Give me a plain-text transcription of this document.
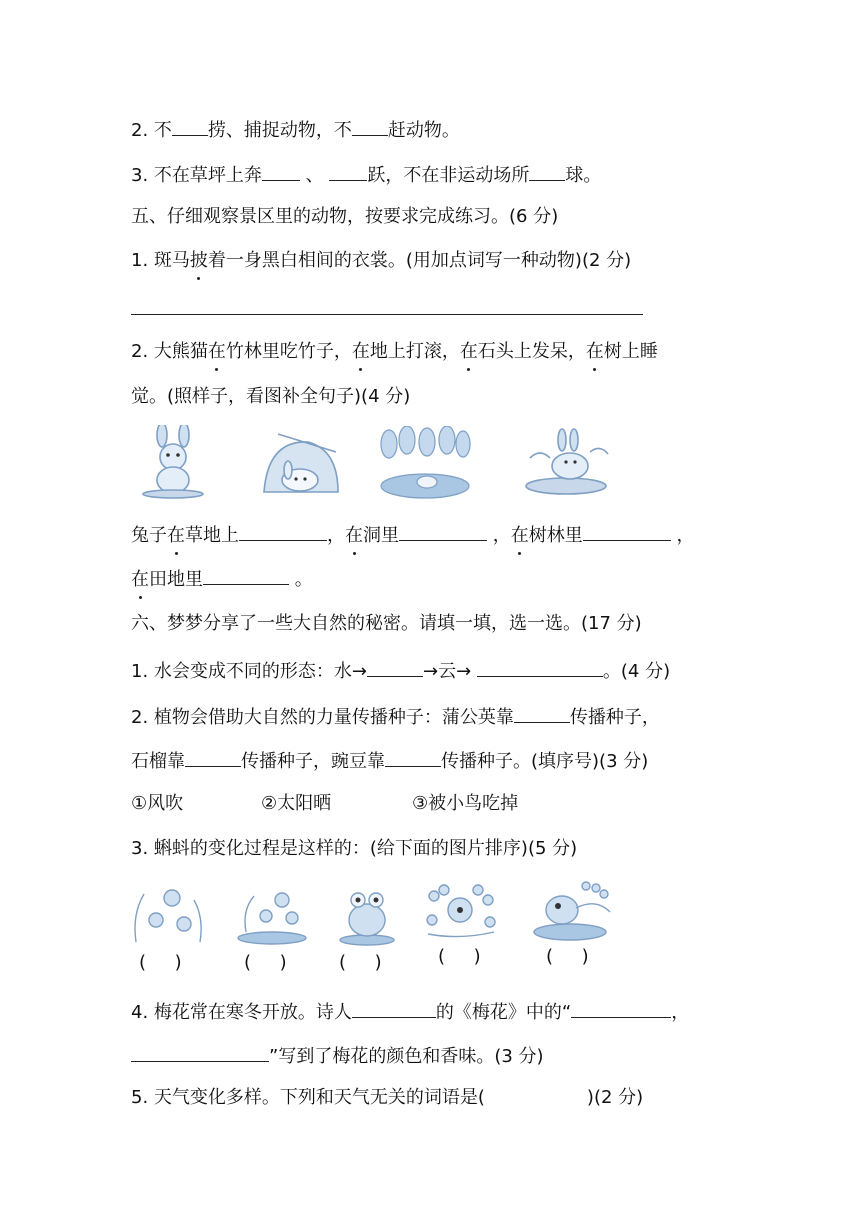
2. 不 捞、捕捉动物，不 赶动物。
3. 不在草坪上奔 、 跃，不在非运动场所 球。
五、仔细观察景区里的动物，按要求完成练习。(6 分)
1. 斑马披着一身黑白相间的衣裳。(用加点词写一种动物)(2 分)
2. 大熊猫在竹林里吃竹子，在地上打滚，在石头上发呆，在树上睡
觉。(照样子，看图补全句子)(4 分)
兔子在草地上	，在洞里	，在树林里	，
在田地里	。
六、梦梦分享了一些大自然的秘密。请填一填，选一选。(17 分)
1. 水会变成不同的形态：水→	→云→	。(4 分)
2. 植物会借助大自然的力量传播种子：蒲公英靠	传播种子，
石榴靠	传播种子，豌豆靠	传播种子。(填序号)(3 分)
①风吹	②太阳晒	③被小鸟吃掉
3. 蝌蚪的变化过程是这样的：(给下面的图片排序)(5 分)
(     )	(     )	(     )	(     )	(     )
4. 梅花常在寒冬开放。诗人	的《梅花》中的“	，
”写到了梅花的颜色和香味。(3 分)
5. 天气变化多样。下列和天气无关的词语是(	)(2 分)
